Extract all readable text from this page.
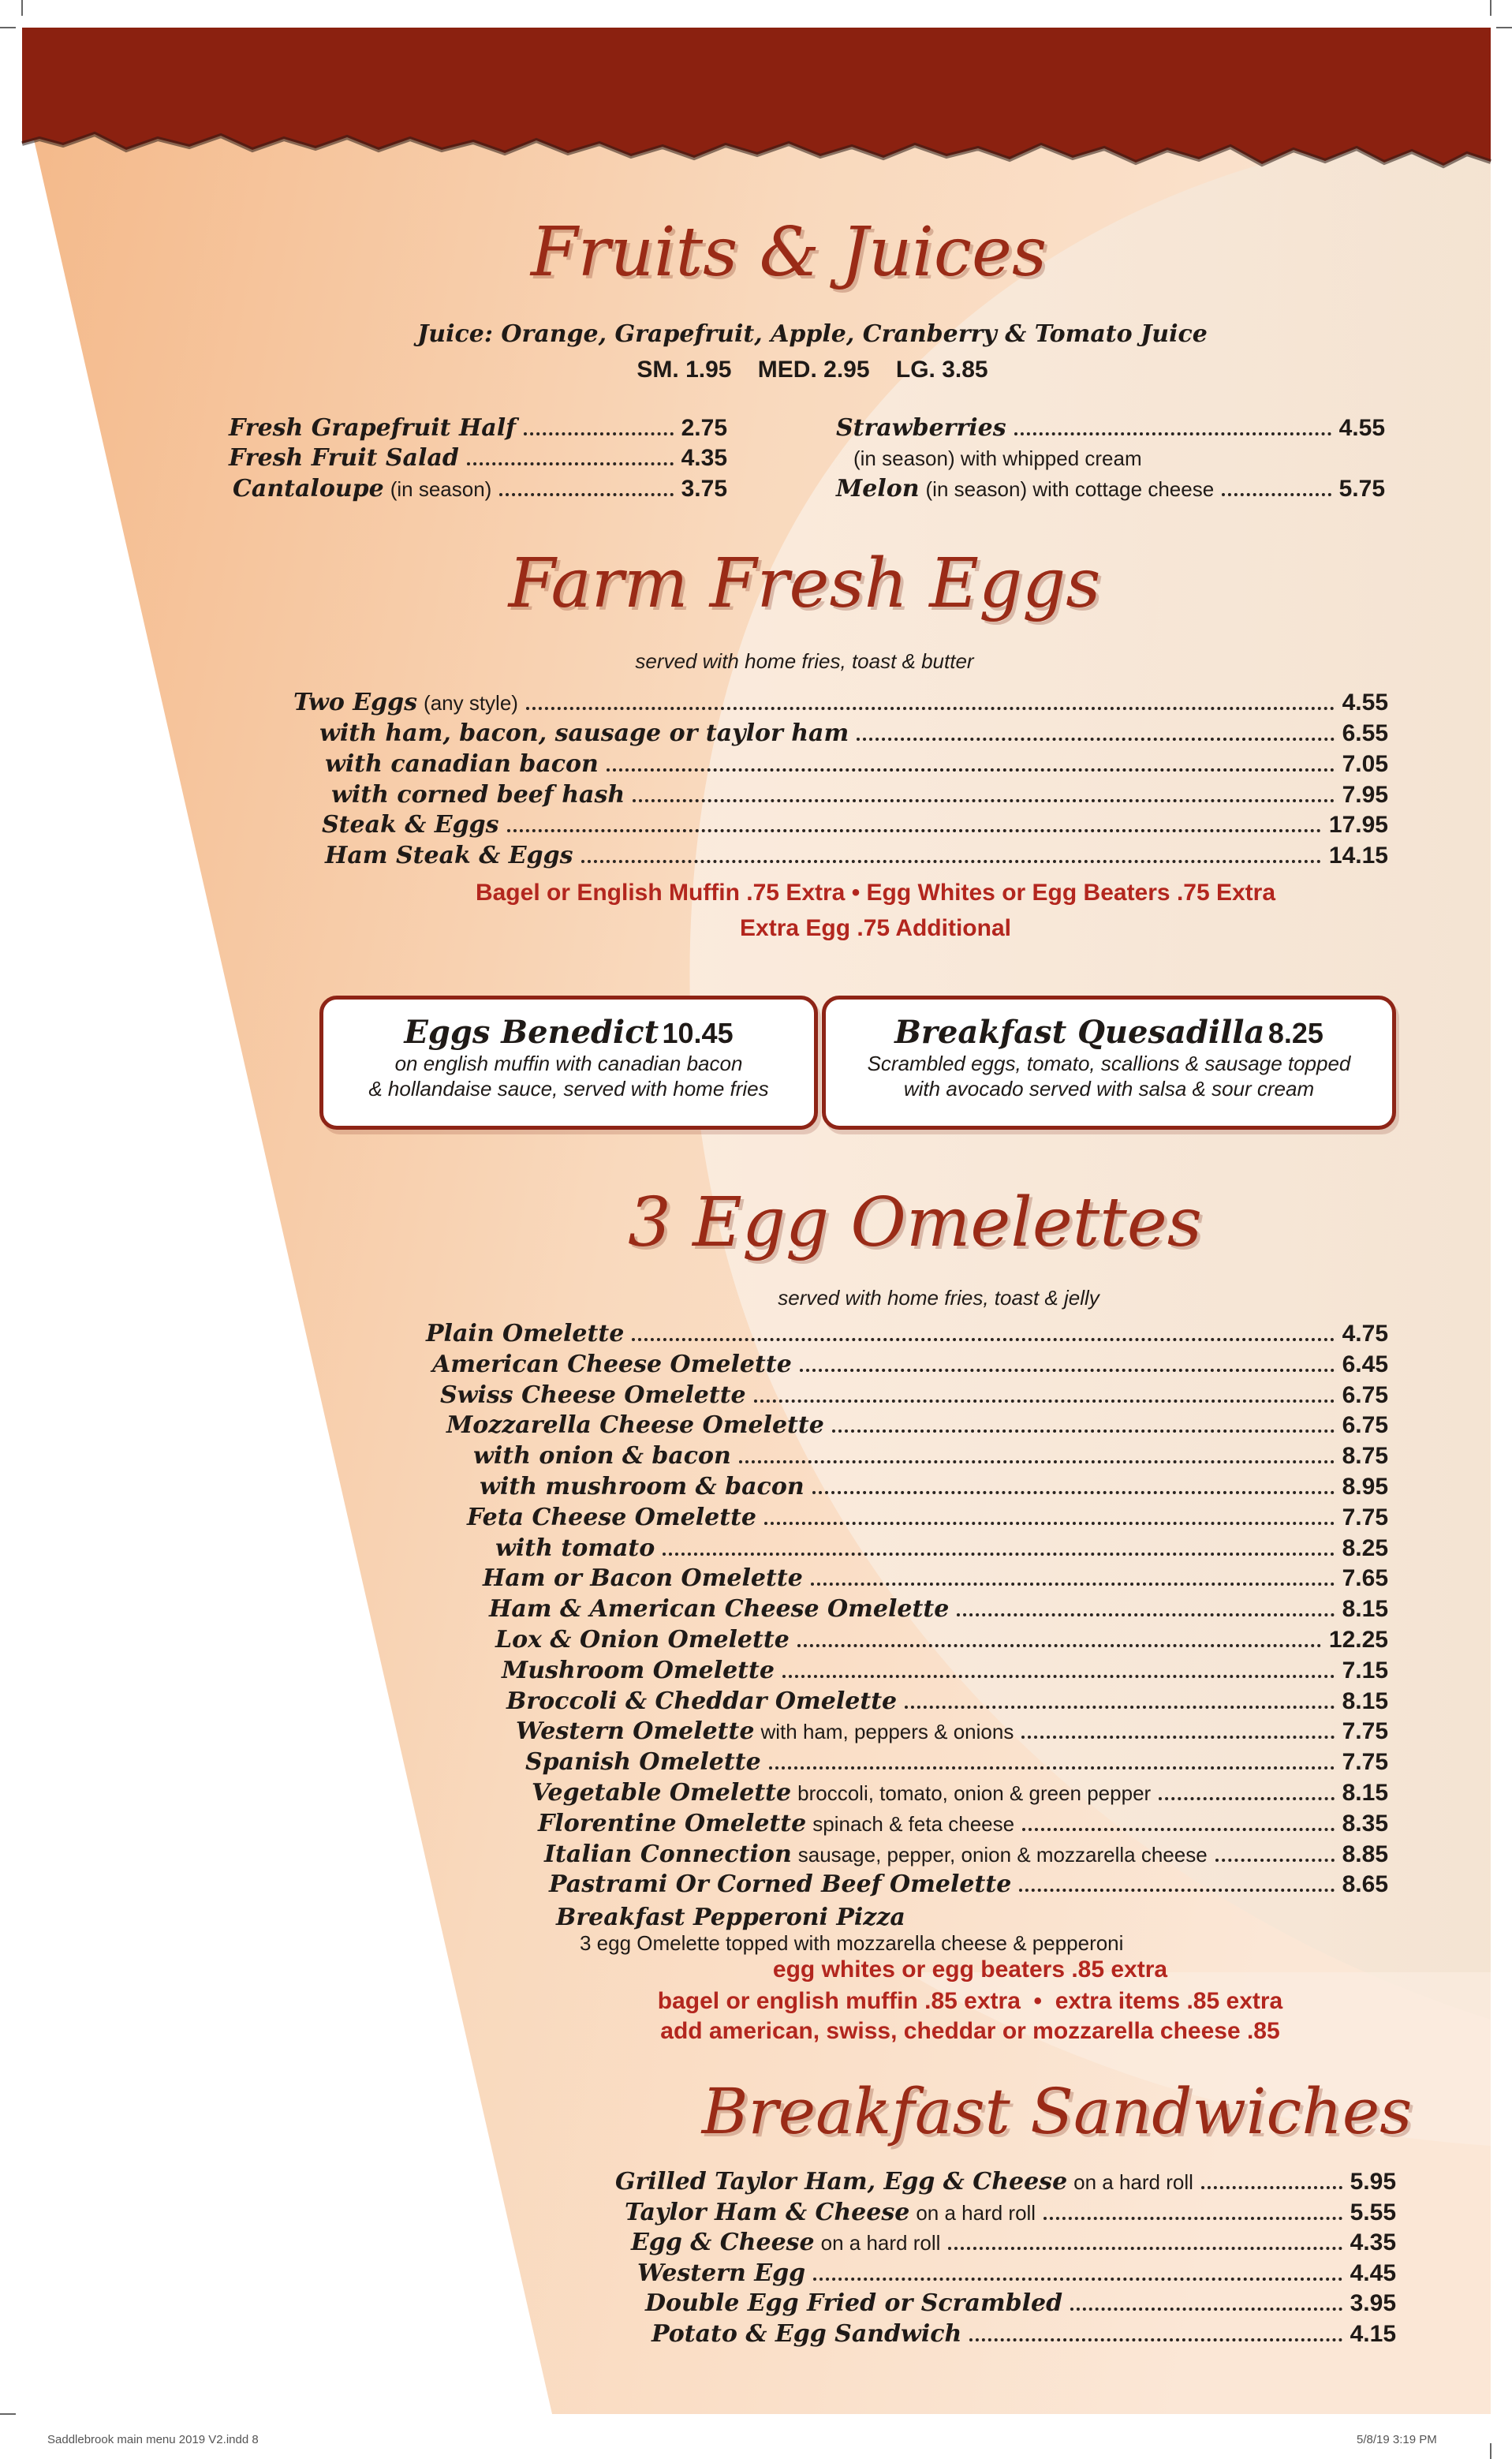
Fruits & Juices
Juice: Orange, Grapefruit, Apple, Cranberry & Tomato Juice
SM. 1.95    MED. 2.95    LG. 3.85
Fresh Grapefruit Half	2.75
Fresh Fruit Salad	4.35
Cantaloupe (in season)	3.75
Strawberries	4.55
(in season) with whipped cream
Melon (in season) with cottage cheese	5.75
Farm Fresh Eggs
served with home fries, toast & butter
Two Eggs (any style)	4.55
with ham, bacon, sausage or taylor ham	6.55
with canadian bacon	7.05
with corned beef hash	7.95
Steak & Eggs	17.95
Ham Steak & Eggs	14.15
Bagel or English Muffin .75 Extra • Egg Whites or Egg Beaters .75 Extra
Extra Egg .75 Additional
Eggs Benedict 10.45
on english muffin with canadian bacon
& hollandaise sauce, served with home fries
Breakfast Quesadilla 8.25
Scrambled eggs, tomato, scallions & sausage topped
with avocado served with salsa & sour cream
3 Egg Omelettes
served with home fries, toast & jelly
Plain Omelette	4.75
American Cheese Omelette	6.45
Swiss Cheese Omelette	6.75
Mozzarella Cheese Omelette	6.75
with onion & bacon	8.75
with mushroom & bacon	8.95
Feta Cheese Omelette	7.75
with tomato	8.25
Ham or Bacon Omelette	7.65
Ham & American Cheese Omelette	8.15
Lox & Onion Omelette	12.25
Mushroom Omelette	7.15
Broccoli & Cheddar Omelette	8.15
Western Omelette with ham, peppers & onions	7.75
Spanish Omelette	7.75
Vegetable Omelette broccoli, tomato, onion & green pepper	8.15
Florentine Omelette spinach & feta cheese	8.35
Italian Connection sausage, pepper, onion & mozzarella cheese	8.85
Pastrami Or Corned Beef Omelette	8.65
Breakfast Pepperoni Pizza
3 egg Omelette topped with mozzarella cheese & pepperoni
egg whites or egg beaters .85 extra
bagel or english muffin .85 extra  •  extra items .85 extra
add american, swiss, cheddar or mozzarella cheese .85
Breakfast Sandwiches
Grilled Taylor Ham, Egg & Cheese on a hard roll	5.95
Taylor Ham & Cheese on a hard roll	5.55
Egg & Cheese on a hard roll	4.35
Western Egg	4.45
Double Egg Fried or Scrambled	3.95
Potato & Egg Sandwich	4.15
Saddlebrook main menu 2019 V2.indd 8	5/8/19 3:19 PM
